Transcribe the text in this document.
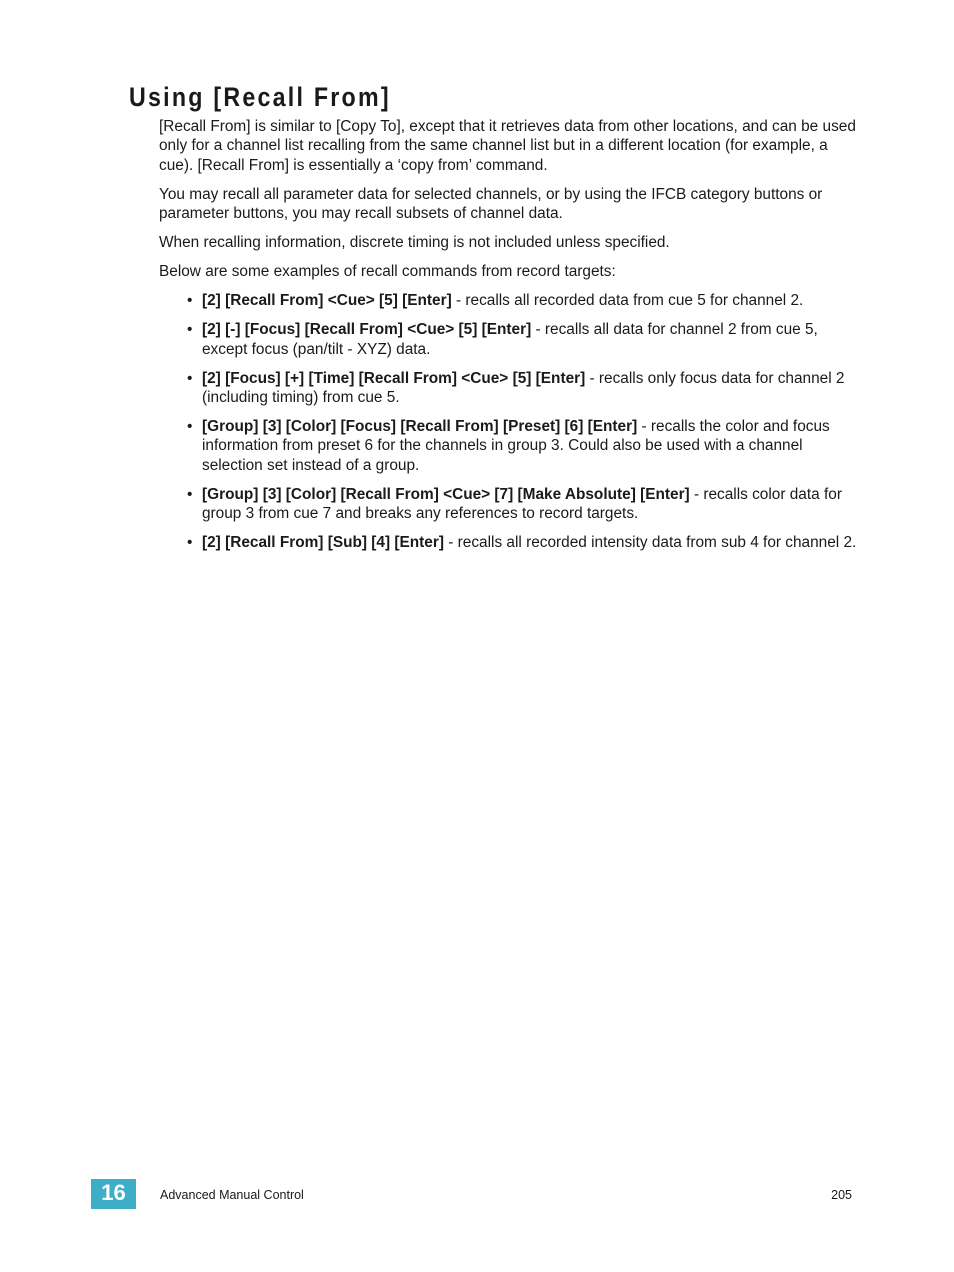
Using [Recall From]

[Recall From] is similar to [Copy To], except that it retrieves data from other locations, and can be used only for a channel list recalling from the same channel list but in a different location (for example, a cue). [Recall From] is essentially a ‘copy from’ command.

You may recall all parameter data for selected channels, or by using the IFCB category buttons or parameter buttons, you may recall subsets of channel data.

When recalling information, discrete timing is not included unless specified.

Below are some examples of recall commands from record targets:

• [2] [Recall From] <Cue> [5] [Enter] - recalls all recorded data from cue 5 for channel 2.
• [2] [-] [Focus] [Recall From] <Cue> [5] [Enter] - recalls all data for channel 2 from cue 5, except focus (pan/tilt - XYZ) data.
• [2] [Focus] [+] [Time] [Recall From] <Cue> [5] [Enter] - recalls only focus data for channel 2 (including timing) from cue 5.
• [Group] [3] [Color] [Focus] [Recall From] [Preset] [6] [Enter] - recalls the color and focus information from preset 6 for the channels in group 3. Could also be used with a channel selection set instead of a group.
• [Group] [3] [Color] [Recall From] <Cue> [7] [Make Absolute] [Enter] - recalls color data for group 3 from cue 7 and breaks any references to record targets.
• [2] [Recall From] [Sub] [4] [Enter] - recalls all recorded intensity data from sub 4 for channel 2.
16	Advanced Manual Control	205
